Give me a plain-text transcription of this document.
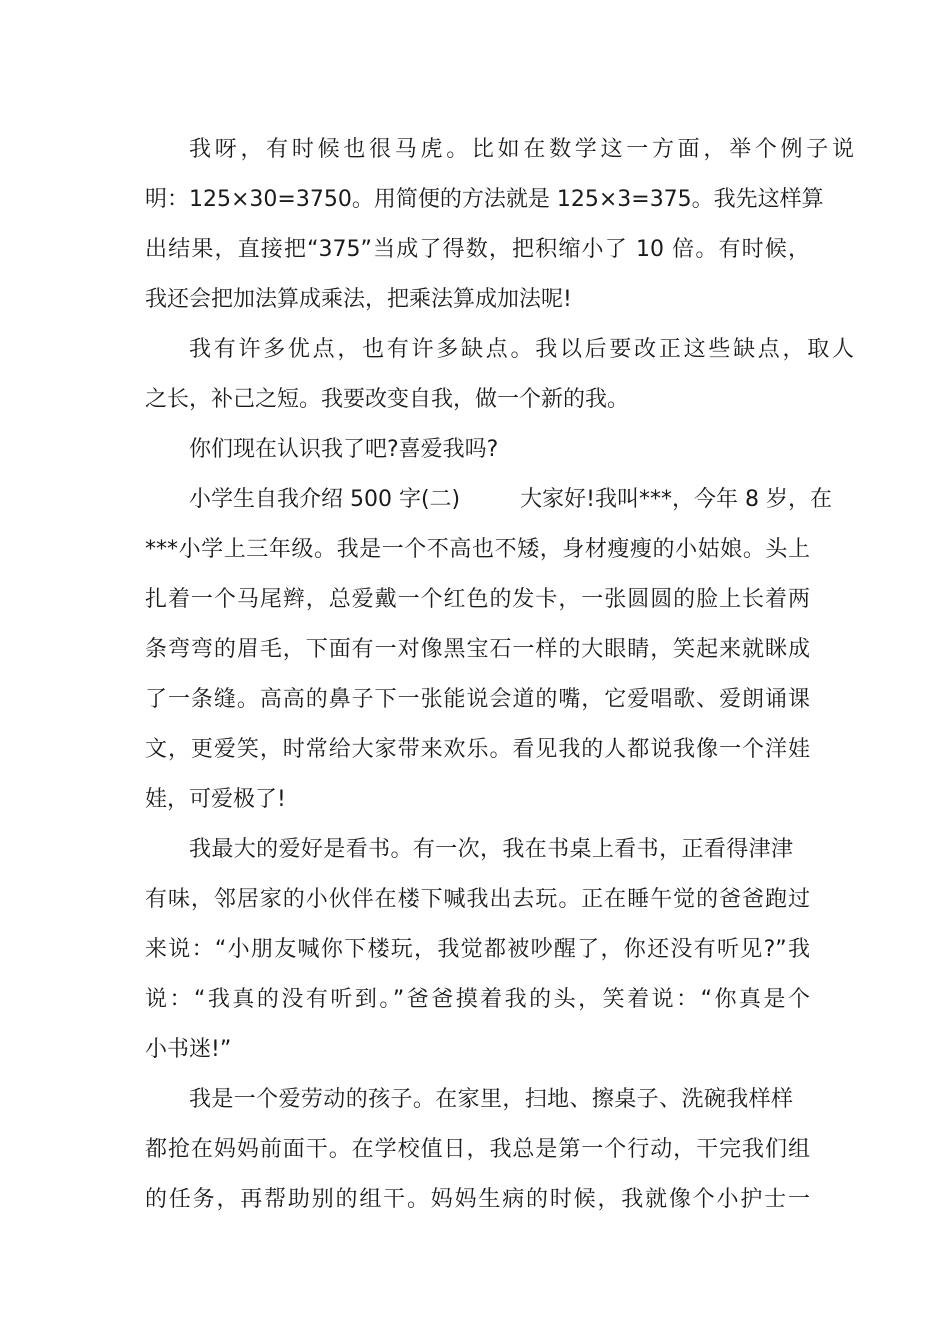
我呀，有时候也很马虎。比如在数学这一方面，举个例子说
明：125×30=3750。用简便的方法就是 125×3=375。我先这样算
出结果，直接把“375”当成了得数，把积缩小了 10 倍。有时候，
我还会把加法算成乘法，把乘法算成加法呢!
我有许多优点，也有许多缺点。我以后要改正这些缺点，取人
之长，补己之短。我要改变自我，做一个新的我。
你们现在认识我了吧?喜爱我吗?
小学生自我介绍 500 字(二)	大家好!我叫***，今年 8 岁，在
***小学上三年级。我是一个不高也不矮，身材瘦瘦的小姑娘。头上
扎着一个马尾辫，总爱戴一个红色的发卡，一张圆圆的脸上长着两
条弯弯的眉毛，下面有一对像黑宝石一样的大眼睛，笑起来就眯成
了一条缝。高高的鼻子下一张能说会道的嘴，它爱唱歌、爱朗诵课
文，更爱笑，时常给大家带来欢乐。看见我的人都说我像一个洋娃
娃，可爱极了!
我最大的爱好是看书。有一次，我在书桌上看书，正看得津津
有味，邻居家的小伙伴在楼下喊我出去玩。正在睡午觉的爸爸跑过
来说：“小朋友喊你下楼玩，我觉都被吵醒了，你还没有听见?”我
说：“我真的没有听到。”爸爸摸着我的头，笑着说：“你真是个
小书迷!”
我是一个爱劳动的孩子。在家里，扫地、擦桌子、洗碗我样样
都抢在妈妈前面干。在学校值日，我总是第一个行动，干完我们组
的任务，再帮助别的组干。妈妈生病的时候，我就像个小护士一
